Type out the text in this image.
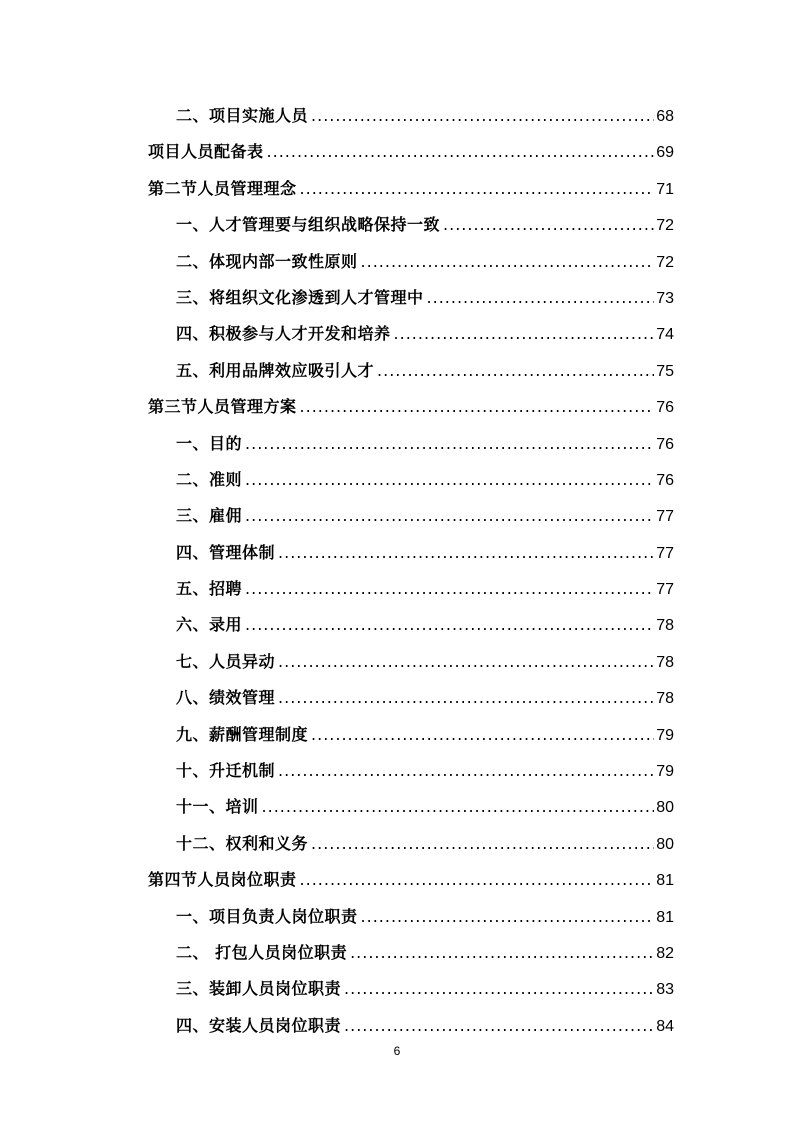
二、项目实施人员 .....	68
项目人员配备表 .....	69
第二节人员管理理念 .....	71
一、人才管理要与组织战略保持一致 .....	72
二、体现内部一致性原则 .....	72
三、将组织文化渗透到人才管理中 .....	73
四、积极参与人才开发和培养 .....	74
五、利用品牌效应吸引人才 .....	75
第三节人员管理方案 .....	76
一、目的 .....	76
二、准则 .....	76
三、雇佣 .....	77
四、管理体制 .....	77
五、招聘 .....	77
六、录用 .....	78
七、人员异动 .....	78
八、绩效管理 .....	78
九、薪酬管理制度 .....	79
十、升迁机制 .....	79
十一、培训 .....	80
十二、权利和义务 .....	80
第四节人员岗位职责 .....	81
一、项目负责人岗位职责 .....	81
二、 打包人员岗位职责 .....	82
三、装卸人员岗位职责 .....	83
四、安装人员岗位职责 .....	84
6
